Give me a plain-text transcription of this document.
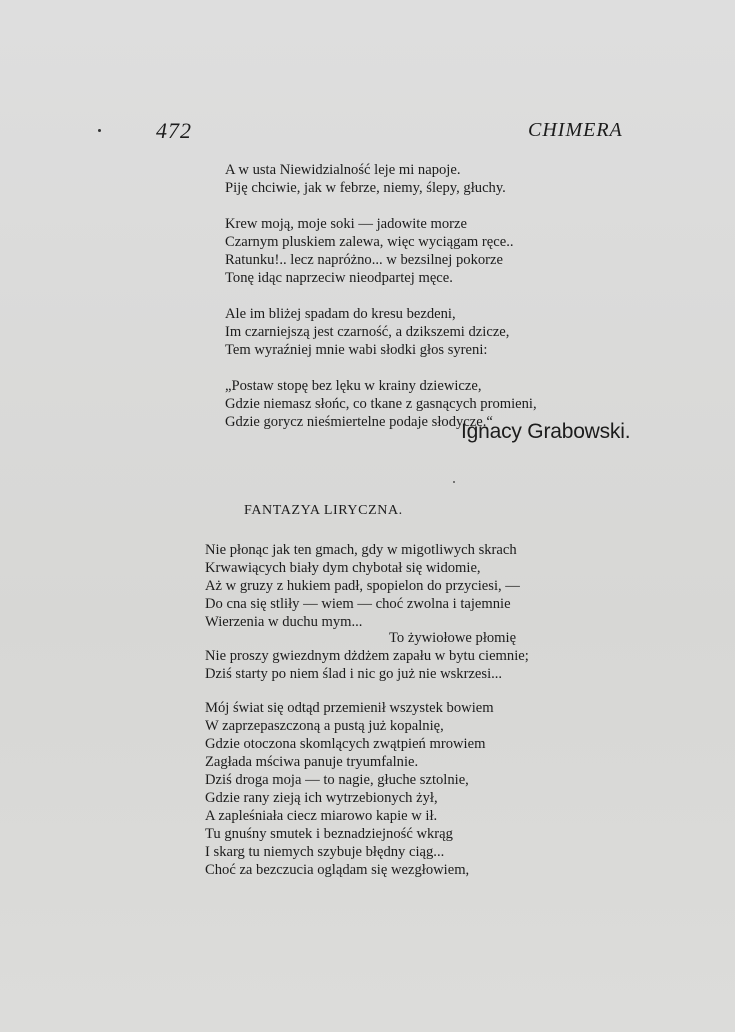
472	CHIMERA
A w usta Niewidzialność leje mi napoje.
Piję chciwie, jak w febrze, niemy, ślepy, głuchy.
Krew moją, moje soki — jadowite morze
Czarnym pluskiem zalewa, więc wyciągam ręce..
Ratunku!.. lecz napróżno... w bezsilnej pokorze
Tonę idąc naprzeciw nieodpartej męce.
Ale im bliżej spadam do kresu bezdeni,
Im czarniejszą jest czarność, a dzikszemi dzicze,
Tem wyraźniej mnie wabi słodki głos syreni:
„Postaw stopę bez lęku w krainy dziewicze,
Gdzie niemasz słońc, co tkane z gasnących promieni,
Gdzie gorycz nieśmiertelne podaje słodycze.“
Ignacy Grabowski.
FANTAZYA LIRYCZNA.
Nie płonąc jak ten gmach, gdy w migotliwych skrach
Krwawiących biały dym chybotał się widomie,
Aż w gruzy z hukiem padł, spopielon do przyciesi, —
Do cna się stliły — wiem — choć zwolna i tajemnie
Wierzenia w duchu mym...
To żywiołowe płomię
Nie proszy gwiezdnym dżdżem zapału w bytu ciemnie;
Dziś starty po niem ślad i nic go już nie wskrzesi...
Mój świat się odtąd przemienił wszystek bowiem
W zaprzepaszczoną a pustą już kopalnię,
Gdzie otoczona skomlących zwątpień mrowiem
Zagłada mściwa panuje tryumfalnie.
Dziś droga moja — to nagie, głuche sztolnie,
Gdzie rany zieją ich wytrzebionych żył,
A zapleśniała ciecz miarowo kapie w ił.
Tu gnuśny smutek i beznadziejność wkrąg
I skarg tu niemych szybuje błędny ciąg...
Choć za bezczucia oglądam się wezgłowiem,
